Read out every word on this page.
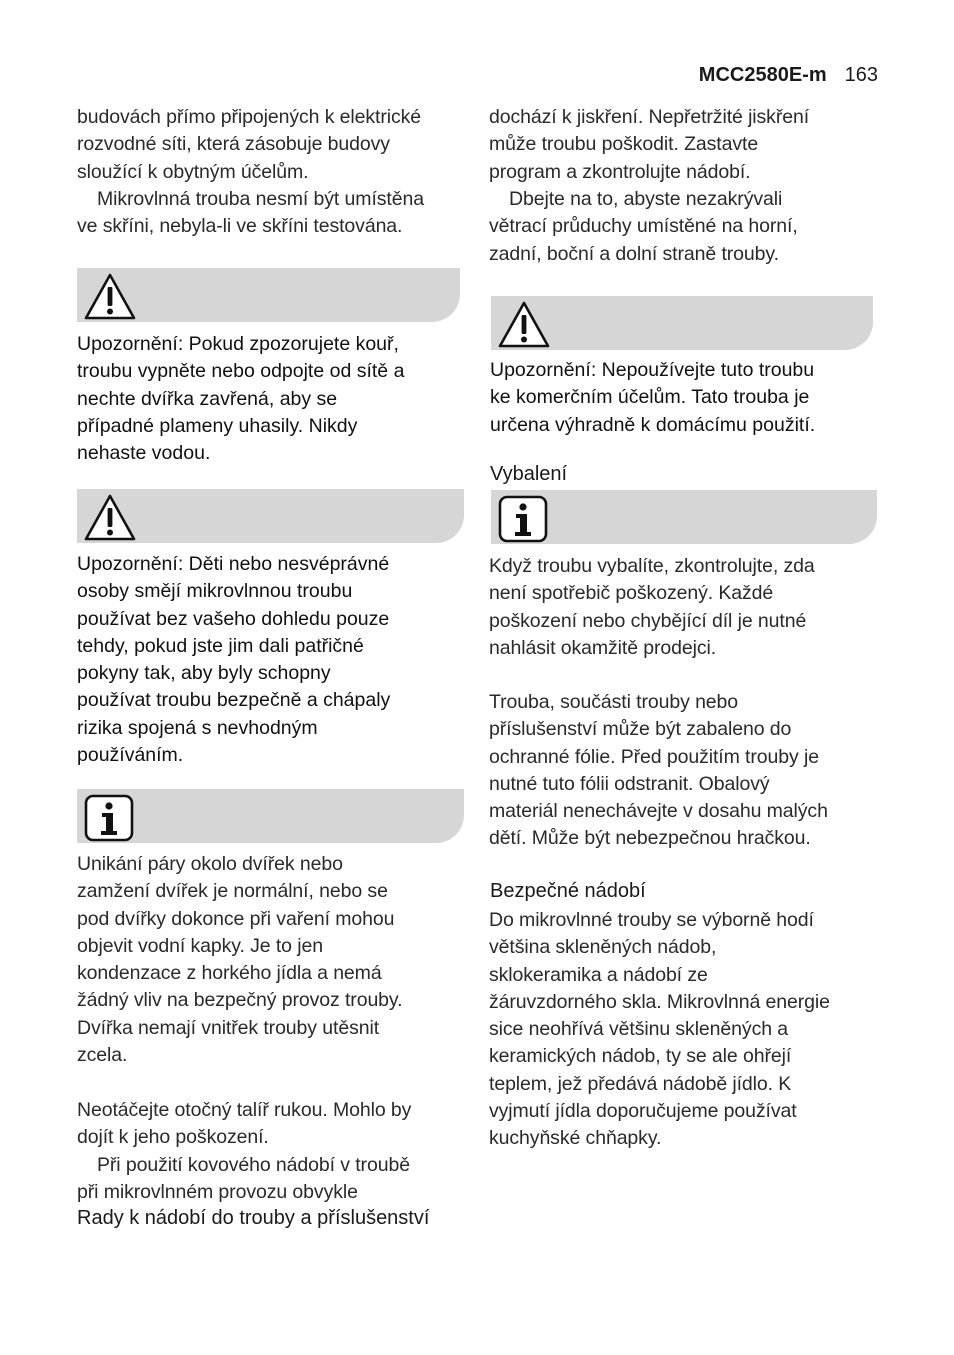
MCC2580E-m 163

budovách přímo připojených k elektrické
rozvodné síti, která zásobuje budovy
sloužící k obytným účelům.

Mikrovlnná trouba nesmí být umístěna
ve skříni, nebyla-li ve skříni testována.

Upozornění: Pokud zpozorujete kouř,
troubu vypněte nebo odpojte od sítě a
nechte dvířka zavřená, aby se
případné plameny uhasily. Nikdy
nehaste vodou.

Upozornění: Děti nebo nesvéprávné
osoby smějí mikrovlnnou troubu
používat bez vašeho dohledu pouze
tehdy, pokud jste jim dali patřičné
pokyny tak, aby byly schopny
používat troubu bezpečně a chápaly
rizika spojená s nevhodným
používáním.

Unikání páry okolo dvířek nebo
zamžení dvířek je normální, nebo se
pod dvířky dokonce při vaření mohou
objevit vodní kapky. Je to jen
kondenzace z horkého jídla a nemá
žádný vliv na bezpečný provoz trouby.
Dvířka nemají vnitřek trouby utěsnit
zcela.

Neotáčejte otočný talíř rukou. Mohlo by
dojít k jeho poškození.

Při použití kovového nádobí v troubě
při mikrovlnném provozu obvykle

Rady k nádobí do trouby a příslušenství

dochází k jiskření. Nepřetržité jiskření
může troubu poškodit. Zastavte
program a zkontrolujte nádobí.

Dbejte na to, abyste nezakrývali
větrací průduchy umístěné na horní,
zadní, boční a dolní straně trouby.

Upozornění: Nepoužívejte tuto troubu
ke komerčním účelům. Tato trouba je
určena výhradně k domácímu použití.

Vybalení

Když troubu vybalíte, zkontrolujte, zda
není spotřebič poškozený. Každé
poškození nebo chybějící díl je nutné
nahlásit okamžitě prodejci.

Trouba, součásti trouby nebo
příslušenství může být zabaleno do
ochranné fólie. Před použitím trouby je
nutné tuto fólii odstranit. Obalový
materiál nenechávejte v dosahu malých
dětí. Může být nebezpečnou hračkou.

Bezpečné nádobí

Do mikrovlnné trouby se výborně hodí
většina skleněných nádob,
sklokeramika a nádobí ze
žáruvzdorného skla. Mikrovlnná energie
sice neohřívá většinu skleněných a
keramických nádob, ty se ale ohřejí
teplem, jež předává nádobě jídlo. K
vyjmutí jídla doporučujeme používat
kuchyňské chňapky.
